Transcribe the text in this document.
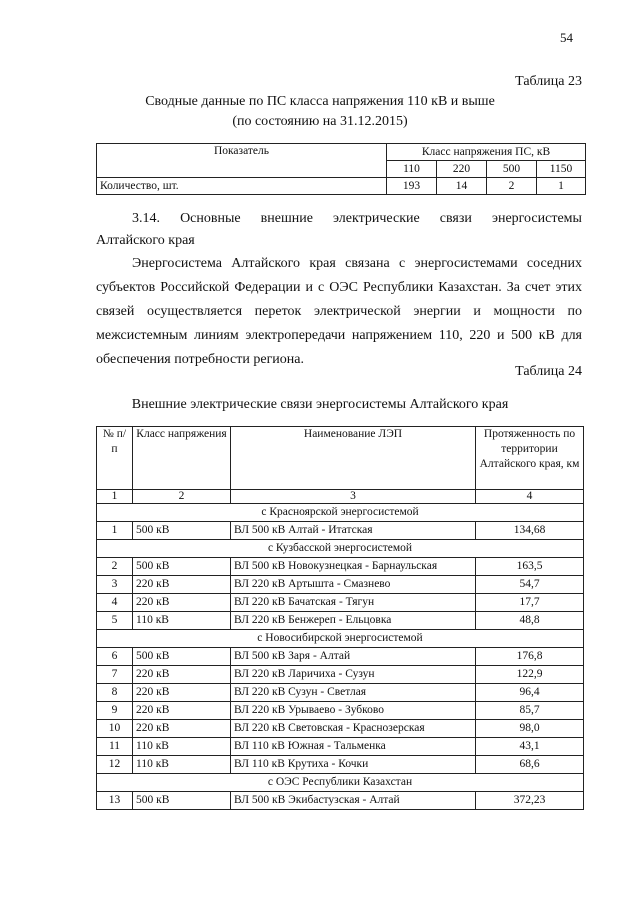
54
Таблица 23
Сводные данные по ПС класса напряжения 110 кВ и выше
(по состоянию на 31.12.2015)
Показатель	Класс напряжения ПС, кВ			
	110	220	500	1150
Количество, шт.	193	14	2	1
3.14. Основные внешние электрические связи энергосистемы
Алтайского края

Энергосистема Алтайского края связана с энергосистемами соседних субъектов Российской Федерации и с ОЭС Республики Казахстан. За счет этих связей осуществляется переток электрической энергии и мощности по межсистемным линиям электропередачи напряжением 110, 220 и 500 кВ для обеспечения потребности региона.

Таблица 24
Внешние электрические связи энергосистемы Алтайского края
№ п/п	Класс напряжения	Наименование ЛЭП	Протяженность по территории Алтайского края, км
1	2	3	4
с Красноярской энергосистемой			
1	500 кВ	ВЛ 500 кВ Алтай - Итатская	134,68
с Кузбасской энергосистемой			
2	500 кВ	ВЛ 500 кВ Новокузнецкая - Барнаульская	163,5
3	220 кВ	ВЛ 220 кВ Артышта - Смазнево	54,7
4	220 кВ	ВЛ 220 кВ Бачатская - Тягун	17,7
5	110 кВ	ВЛ 220 кВ Бенжереп - Ельцовка	48,8
с Новосибирской энергосистемой			
6	500 кВ	ВЛ 500 кВ Заря - Алтай	176,8
7	220 кВ	ВЛ 220 кВ Ларичиха - Сузун	122,9
8	220 кВ	ВЛ 220 кВ Сузун - Светлая	96,4
9	220 кВ	ВЛ 220 кВ Урываево - Зубково	85,7
10	220 кВ	ВЛ 220 кВ Световская - Краснозерская	98,0
11	110 кВ	ВЛ 110 кВ Южная - Тальменка	43,1
12	110 кВ	ВЛ 110 кВ Крутиха - Кочки	68,6
с ОЭС Республики Казахстан			
13	500 кВ	ВЛ 500 кВ Экибастузская - Алтай	372,23
